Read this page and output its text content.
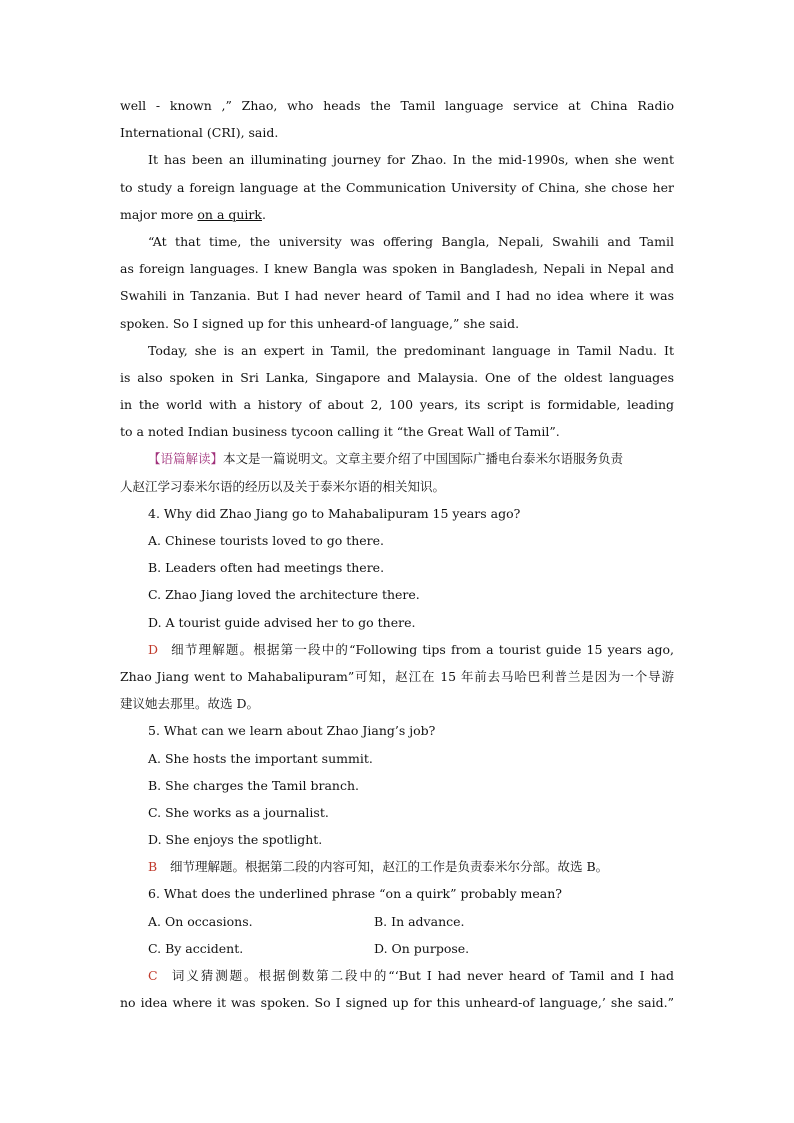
well - known ,” Zhao, who heads the Tamil language service at China Radio
International (CRI), said.
It has been an illuminating journey for Zhao. In the mid-1990s, when she went
to study a foreign language at the Communication University of China, she chose her
major more on a quirk.
“At that time, the university was offering Bangla, Nepali, Swahili and Tamil
as foreign languages. I knew Bangla was spoken in Bangladesh, Nepali in Nepal and
Swahili in Tanzania. But I had never heard of Tamil and I had no idea where it was
spoken. So I signed up for this unheard-of language,” she said.
Today, she is an expert in Tamil, the predominant language in Tamil Nadu. It
is also spoken in Sri Lanka, Singapore and Malaysia. One of the oldest languages
in the world with a history of about 2, 100 years, its script is formidable, leading
to a noted Indian business tycoon calling it “the Great Wall of Tamil”.
【语篇解读】本文是一篇说明文。文章主要介绍了中国国际广播电台泰米尔语服务负责
人赵江学习泰米尔语的经历以及关于泰米尔语的相关知识。
4. Why did Zhao Jiang go to Mahabalipuram 15 years ago?
A. Chinese tourists loved to go there.
B. Leaders often had meetings there.
C. Zhao Jiang loved the architecture there.
D. A tourist guide advised her to go there.
D 细节理解题。根据第一段中的“Following tips from a tourist guide 15 years ago,
Zhao Jiang went to Mahabalipuram”可知，赵江在 15 年前去马哈巴利普兰是因为一个导游
建议她去那里。故选 D。
5. What can we learn about Zhao Jiang’s job?
A. She hosts the important summit.
B. She charges the Tamil branch.
C. She works as a journalist.
D. She enjoys the spotlight.
B 细节理解题。根据第二段的内容可知，赵江的工作是负责泰米尔分部。故选 B。
6. What does the underlined phrase “on a quirk” probably mean?
A. On occasions.	B. In advance.
C. By accident.	D. On purpose.
C 词义猜测题。根据倒数第二段中的“‘But I had never heard of Tamil and I had
no idea where it was spoken. So I signed up for this unheard-of language,’ she said.”
